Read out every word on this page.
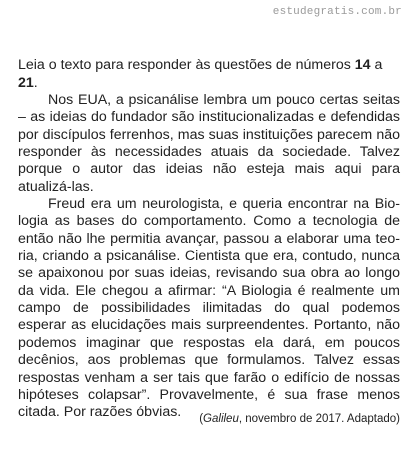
estudegratis.com.br

Leia o texto para responder às questões de números 14 a 21.

Nos EUA, a psicanálise lembra um pouco certas seitas – as ideias do fundador são institucionalizadas e defendidas por discípulos ferrenhos, mas suas instituições parecem não responder às necessidades atuais da sociedade. Talvez porque o autor das ideias não esteja mais aqui para atualizá-las.

Freud era um neurologista, e queria encontrar na Biologia as bases do comportamento. Como a tecnologia de então não lhe permitia avançar, passou a elaborar uma teoria, criando a psicanálise. Cientista que era, contudo, nunca se apaixonou por suas ideias, revisando sua obra ao longo da vida. Ele chegou a afirmar: “A Biologia é realmente um campo de possibilidades ilimitadas do qual podemos esperar as elucidações mais surpreendentes. Portanto, não podemos imaginar que respostas ela dará, em poucos decênios, aos problemas que formulamos. Talvez essas respostas venham a ser tais que farão o edifício de nossas hipóteses colapsar”. Provavelmente, é sua frase menos citada. Por razões óbvias.	(Galileu, novembro de 2017. Adaptado)
